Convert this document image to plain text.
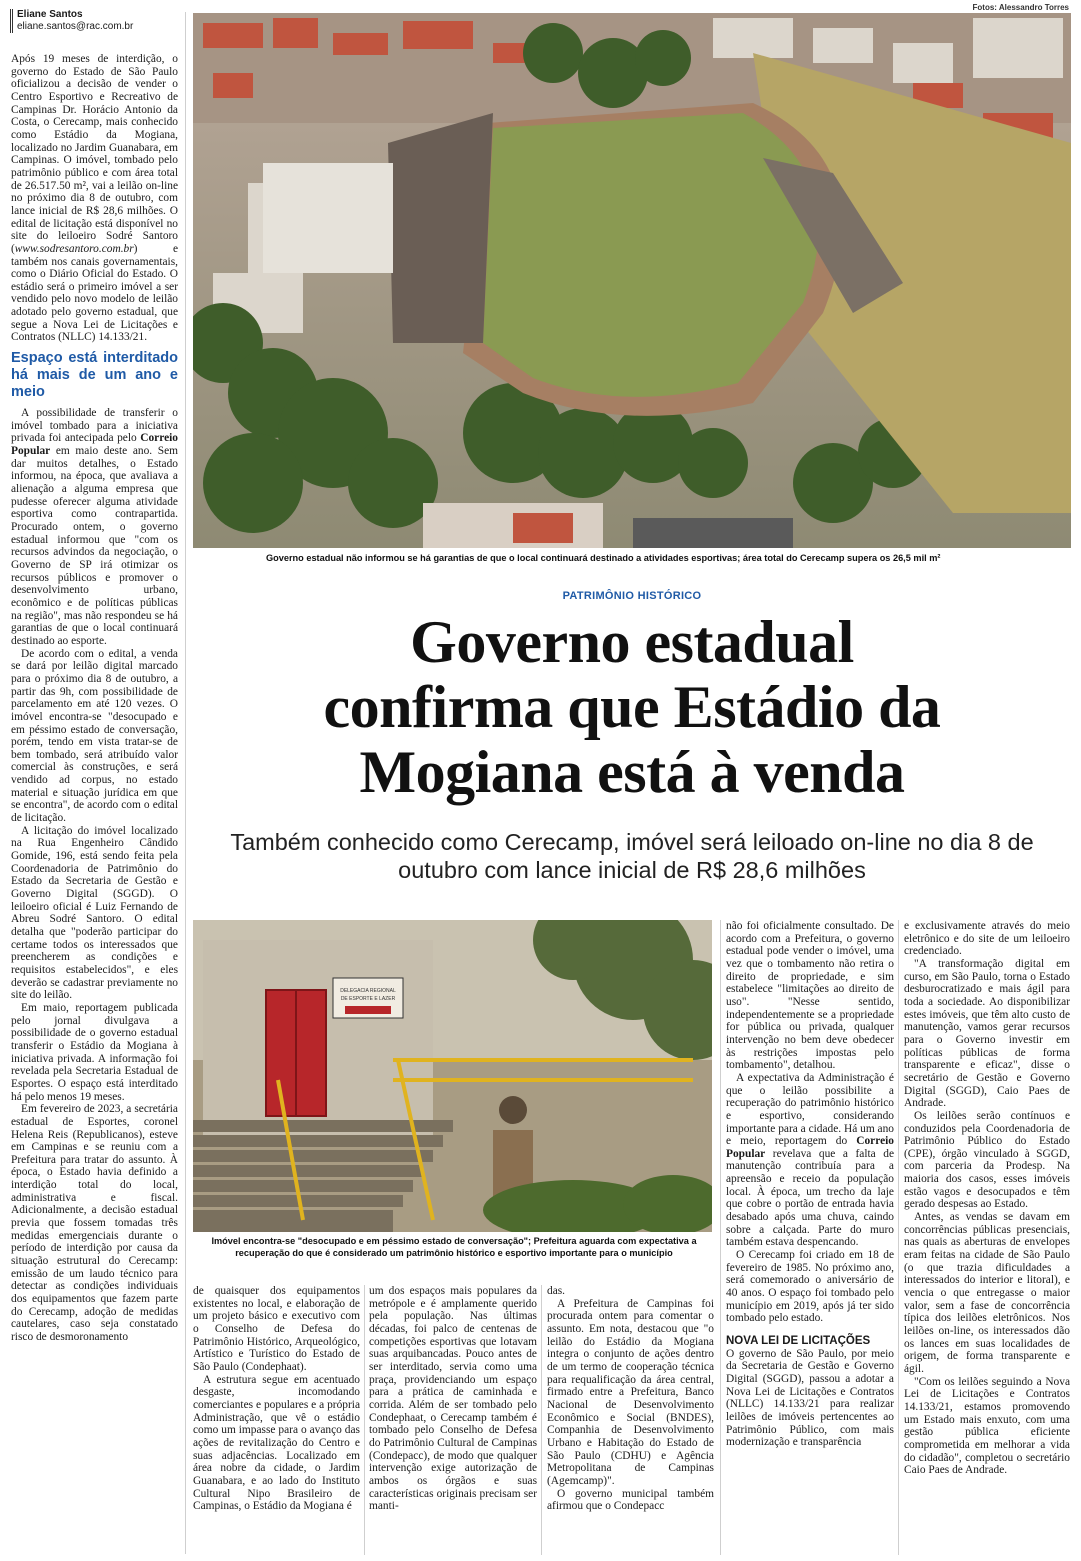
Eliane Santos
eliane.santos@rac.com.br

Após 19 meses de interdição, o governo do Estado de São Paulo oficializou a decisão de vender o Centro Esportivo e Recreativo de Campinas Dr. Horácio Antonio da Costa, o Cerecamp, mais conhecido como Estádio da Mogiana, localizado no Jardim Guanabara, em Campinas. O imóvel, tombado pelo patrimônio público e com área total de 26.517.50 m², vai a leilão on-line no próximo dia 8 de outubro, com lance inicial de R$ 28,6 milhões. O edital de licitação está disponível no site do leiloeiro Sodré Santoro (www.sodresantoro.com.br) e também nos canais governamentais, como o Diário Oficial do Estado. O estádio será o primeiro imóvel a ser vendido pelo novo modelo de leilão adotado pelo governo estadual, que segue a Nova Lei de Licitações e Contratos (NLLC) 14.133/21.

Espaço está interditado há mais de um ano e meio

A possibilidade de transferir o imóvel tombado para a iniciativa privada foi antecipada pelo Correio Popular em maio deste ano. Sem dar muitos detalhes, o Estado informou, na época, que avaliava a alienação a alguma empresa que pudesse oferecer alguma atividade esportiva como contrapartida. Procurado ontem, o governo estadual informou que "com os recursos advindos da negociação, o Governo de SP irá otimizar os recursos públicos e promover o desenvolvimento urbano, econômico e de políticas públicas na região", mas não respondeu se há garantias de que o local continuará destinado ao esporte.

De acordo com o edital, a venda se dará por leilão digital marcado para o próximo dia 8 de outubro, a partir das 9h, com possibilidade de parcelamento em até 120 vezes. O imóvel encontra-se "desocupado e em péssimo estado de conversação, porém, tendo em vista tratar-se de bem tombado, será atribuído valor comercial às construções, e será vendido ad corpus, no estado material e situação jurídica em que se encontra", de acordo com o edital de licitação.

A licitação do imóvel localizado na Rua Engenheiro Cândido Gomide, 196, está sendo feita pela Coordenadoria de Patrimônio do Estado da Secretaria de Gestão e Governo Digital (SGGD). O leiloeiro oficial é Luiz Fernando de Abreu Sodré Santoro. O edital detalha que "poderão participar do certame todos os interessados que preencherem as condições e requisitos estabelecidos", e eles deverão se cadastrar previamente no site do leilão.

Em maio, reportagem publicada pelo jornal divulgava a possibilidade de o governo estadual transferir o Estádio da Mogiana à iniciativa privada. A informação foi revelada pela Secretaria Estadual de Esportes. O espaço está interditado há pelo menos 19 meses.

Em fevereiro de 2023, a secretária estadual de Esportes, coronel Helena Reis (Republicanos), esteve em Campinas e se reuniu com a Prefeitura para tratar do assunto. À época, o Estado havia definido a interdição total do local, administrativa e fiscal. Adicionalmente, a decisão estadual previa que fossem tomadas três medidas emergenciais durante o período de interdição por causa da situação estrutural do Cerecamp: emissão de um laudo técnico para detectar as condições individuais dos equipamentos que fazem parte do Cerecamp, adoção de medidas cautelares, caso seja constatado risco de desmoronamento

Fotos: Alessandro Torres
Governo estadual não informou se há garantias de que o local continuará destinado a atividades esportivas; área total do Cerecamp supera os 26,5 mil m²
PATRIMÔNIO HISTÓRICO
Governo estadual
confirma que Estádio da
Mogiana está à venda
Também conhecido como Cerecamp, imóvel será leiloado on-line no dia 8 de
outubro com lance inicial de R$ 28,6 milhões
DELEGACIA REGIONAL
DE ESPORTE E LAZER
Imóvel encontra-se "desocupado e em péssimo estado de conversação"; Prefeitura aguarda com expectativa a
recuperação do que é considerado um patrimônio histórico e esportivo importante para o município

de quaisquer dos equipamentos existentes no local, e elaboração de um projeto básico e executivo com o Conselho de Defesa do Patrimônio Histórico, Arqueológico, Artístico e Turístico do Estado de São Paulo (Condephaat).

A estrutura segue em acentuado desgaste, incomodando comerciantes e populares e a própria Administração, que vê o estádio como um impasse para o avanço das ações de revitalização do Centro e suas adjacências. Localizado em área nobre da cidade, o Jardim Guanabara, e ao lado do Instituto Cultural Nipo Brasileiro de Campinas, o Estádio da Mogiana é

um dos espaços mais populares da metrópole e é amplamente querido pela população. Nas últimas décadas, foi palco de centenas de competições esportivas que lotavam suas arquibancadas. Pouco antes de ser interditado, servia como uma praça, providenciando um espaço para a prática de caminhada e corrida. Além de ser tombado pelo Condephaat, o Cerecamp também é tombado pelo Conselho de Defesa do Patrimônio Cultural de Campinas (Condepacc), de modo que qualquer intervenção exige autorização de ambos os órgãos e suas características originais precisam ser manti-

das.

A Prefeitura de Campinas foi procurada ontem para comentar o assunto. Em nota, destacou que "o leilão do Estádio da Mogiana integra o conjunto de ações dentro de um termo de cooperação técnica para requalificação da área central, firmado entre a Prefeitura, Banco Nacional de Desenvolvimento Econômico e Social (BNDES), Companhia de Desenvolvimento Urbano e Habitação do Estado de São Paulo (CDHU) e Agência Metropolitana de Campinas (Agemcamp)".

O governo municipal também afirmou que o Condepacc

não foi oficialmente consultado. De acordo com a Prefeitura, o governo estadual pode vender o imóvel, uma vez que o tombamento não retira o direito de propriedade, e sim estabelece "limitações ao direito de uso". "Nesse sentido, independentemente se a propriedade for pública ou privada, qualquer intervenção no bem deve obedecer às restrições impostas pelo tombamento", detalhou.

A expectativa da Administração é que o leilão possibilite a recuperação do patrimônio histórico e esportivo, considerando importante para a cidade. Há um ano e meio, reportagem do Correio Popular revelava que a falta de manutenção contribuía para a apreensão e receio da população local. À época, um trecho da laje que cobre o portão de entrada havia desabado após uma chuva, caindo sobre a calçada. Parte do muro também estava despencando.

O Cerecamp foi criado em 18 de fevereiro de 1985. No próximo ano, será comemorado o aniversário de 40 anos. O espaço foi tombado pelo município em 2019, após já ter sido tombado pelo estado.

NOVA LEI DE LICITAÇÕES

O governo de São Paulo, por meio da Secretaria de Gestão e Governo Digital (SGGD), passou a adotar a Nova Lei de Licitações e Contratos (NLLC) 14.133/21 para realizar leilões de imóveis pertencentes ao Patrimônio Público, com mais modernização e transparência

e exclusivamente através do meio eletrônico e do site de um leiloeiro credenciado.

"A transformação digital em curso, em São Paulo, torna o Estado desburocratizado e mais ágil para toda a sociedade. Ao disponibilizar estes imóveis, que têm alto custo de manutenção, vamos gerar recursos para o Governo investir em políticas públicas de forma transparente e eficaz", disse o secretário de Gestão e Governo Digital (SGGD), Caio Paes de Andrade.

Os leilões serão contínuos e conduzidos pela Coordenadoria de Patrimônio Público do Estado (CPE), órgão vinculado à SGGD, com parceria da Prodesp. Na maioria dos casos, esses imóveis estão vagos e desocupados e têm gerado despesas ao Estado.

Antes, as vendas se davam em concorrências públicas presenciais, nas quais as aberturas de envelopes eram feitas na cidade de São Paulo (o que trazia dificuldades a interessados do interior e litoral), e vencia o que entregasse o maior valor, sem a fase de concorrência típica dos leilões eletrônicos. Nos leilões on-line, os interessados dão os lances em suas localidades de origem, de forma transparente e ágil.

"Com os leilões seguindo a Nova Lei de Licitações e Contratos 14.133/21, estamos promovendo um Estado mais enxuto, com uma gestão pública eficiente comprometida em melhorar a vida do cidadão", completou o secretário Caio Paes de Andrade.
